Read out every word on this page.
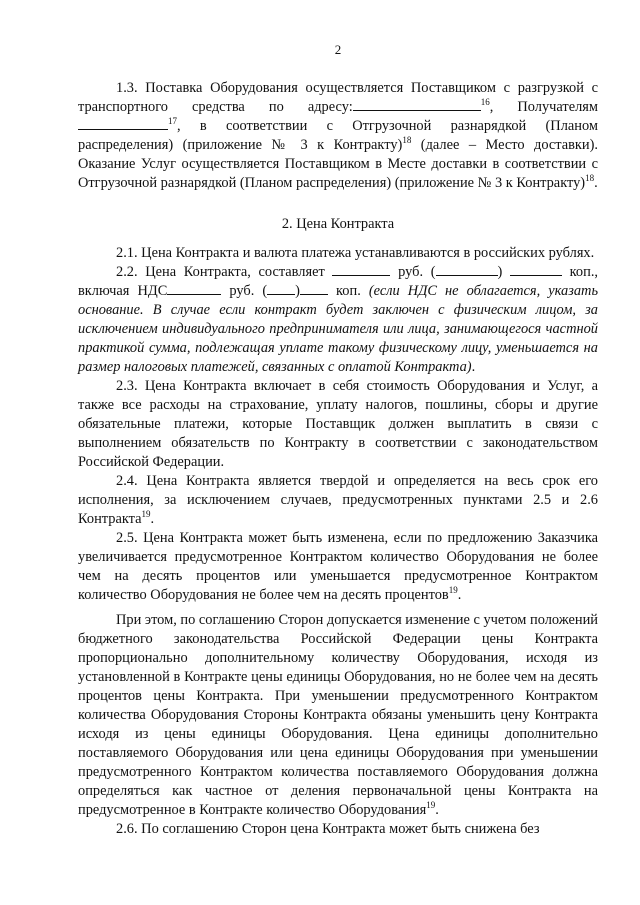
2

1.3. Поставка Оборудования осуществляется Поставщиком с разгрузкой с транспортного средства по адресу:	$^{16}$, Получателям $^{17}$, в соответствии с Отгрузочной разнарядкой (Планом распределения) (приложение № 3 к Контракту)$^{18}$ (далее – Место доставки). Оказание Услуг осуществляется Поставщиком в Месте доставки в соответствии с Отгрузочной разнарядкой (Планом распределения) (приложение № 3 к Контракту)$^{18}$.

2. Цена Контракта

2.1. Цена Контракта и валюта платежа устанавливаются в российских рублях.

2.2. Цена Контракта, составляет	руб. (	)	коп., включая НДС	руб. ( )	коп. (если НДС не облагается, указать основание. В случае если контракт будет заключен с физическим лицом, за исключением индивидуального предпринимателя или лица, занимающегося частной практикой сумма, подлежащая уплате такому физическому лицу, уменьшается на размер налоговых платежей, связанных с оплатой Контракта).

2.3. Цена Контракта включает в себя стоимость Оборудования и Услуг, а также все расходы на страхование, уплату налогов, пошлины, сборы и другие обязательные платежи, которые Поставщик должен выплатить в связи с выполнением обязательств по Контракту в соответствии с законодательством Российской Федерации.

2.4. Цена Контракта является твердой и определяется на весь срок его исполнения, за исключением случаев, предусмотренных пунктами 2.5 и 2.6 Контракта$^{19}$.

2.5. Цена Контракта может быть изменена, если по предложению Заказчика увеличивается предусмотренное Контрактом количество Оборудования не более чем на десять процентов или уменьшается предусмотренное Контрактом количество Оборудования не более чем на десять процентов$^{19}$.

При этом, по соглашению Сторон допускается изменение с учетом положений бюджетного законодательства Российской Федерации цены Контракта пропорционально дополнительному количеству Оборудования, исходя из установленной в Контракте цены единицы Оборудования, но не более чем на десять процентов цены Контракта. При уменьшении предусмотренного Контрактом количества Оборудования Стороны Контракта обязаны уменьшить цену Контракта исходя из цены единицы Оборудования. Цена единицы дополнительно поставляемого Оборудования или цена единицы Оборудования при уменьшении предусмотренного Контрактом количества поставляемого Оборудования должна определяться как частное от деления первоначальной цены Контракта на предусмотренное в Контракте количество Оборудования$^{19}$.

2.6. По соглашению Сторон цена Контракта может быть снижена без
